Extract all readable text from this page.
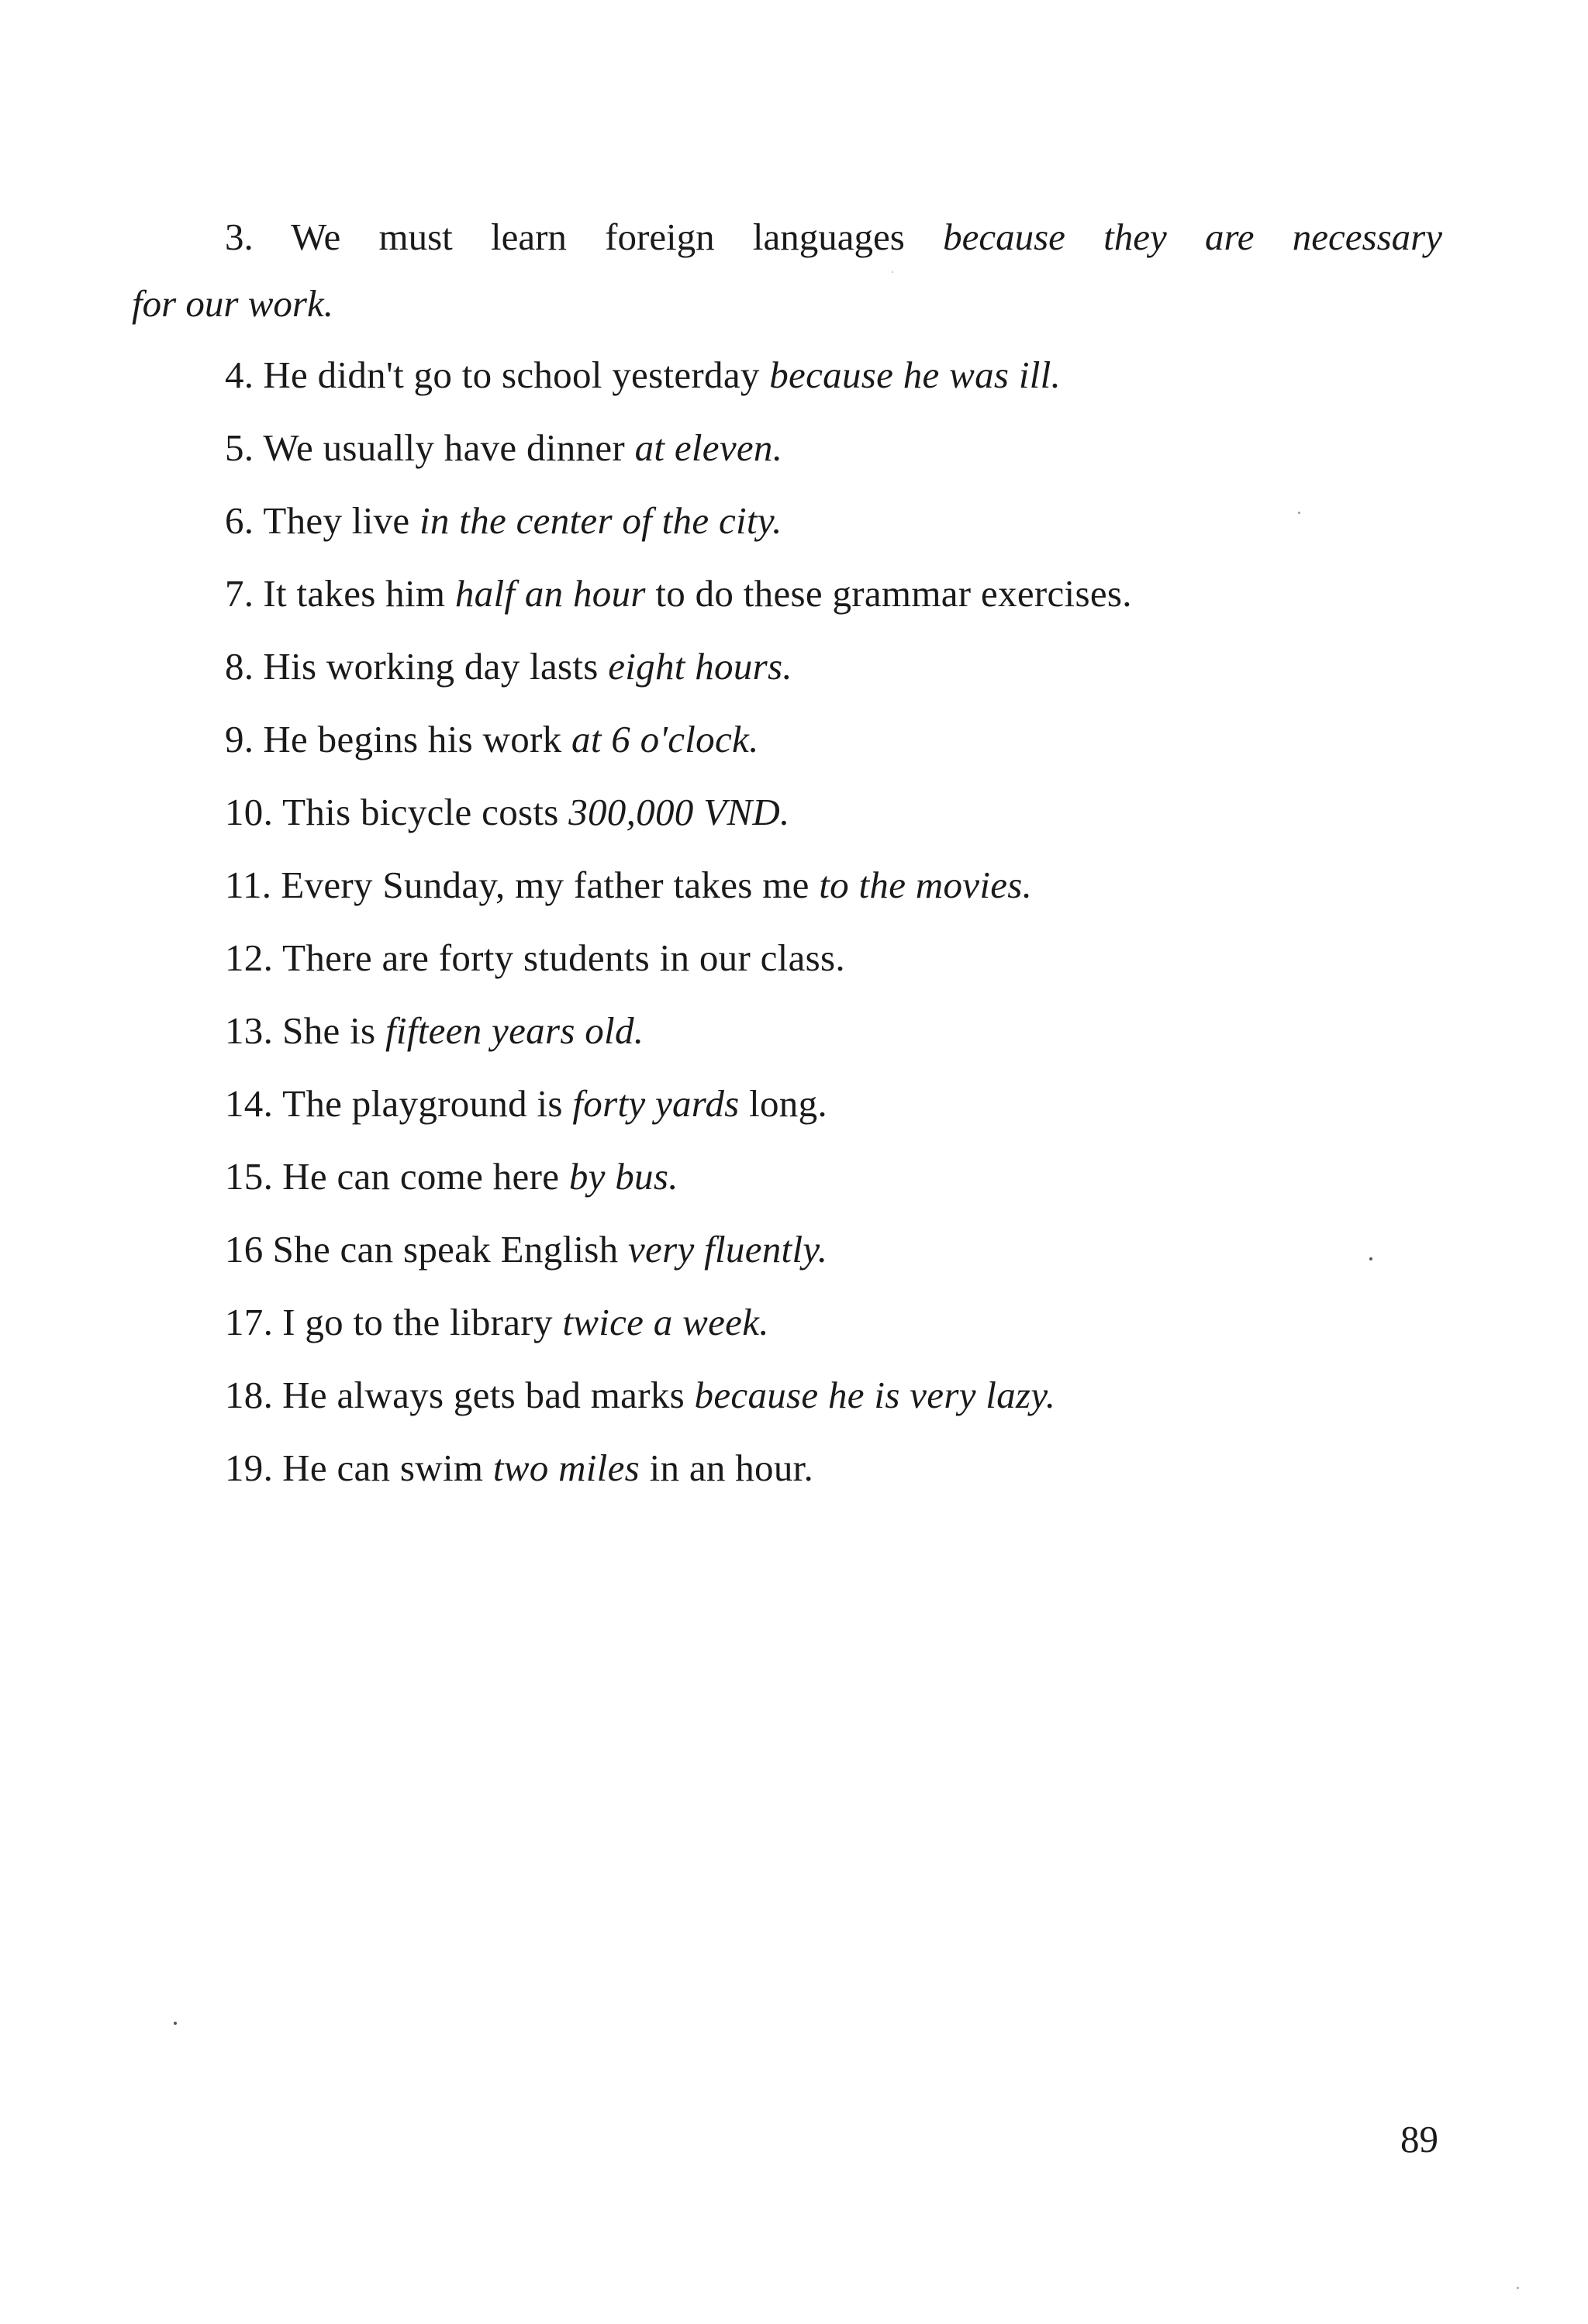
3. We must learn foreign languages because they are necessary
for our work.
4. He didn't go to school yesterday because he was ill.
5. We usually have dinner at eleven.
6. They live in the center of the city.
7. It takes him half an hour to do these grammar exercises.
8. His working day lasts eight hours.
9. He begins his work at 6 o'clock.
10. This bicycle costs 300,000 VND.
11. Every Sunday, my father takes me to the movies.
12. There are forty students in our class.
13. She is fifteen years old.
14. The playground is forty yards long.
15. He can come here by bus.
16 She can speak English very fluently.
17. I go to the library twice a week.
18. He always gets bad marks because he is very lazy.
19. He can swim two miles in an hour.
89
